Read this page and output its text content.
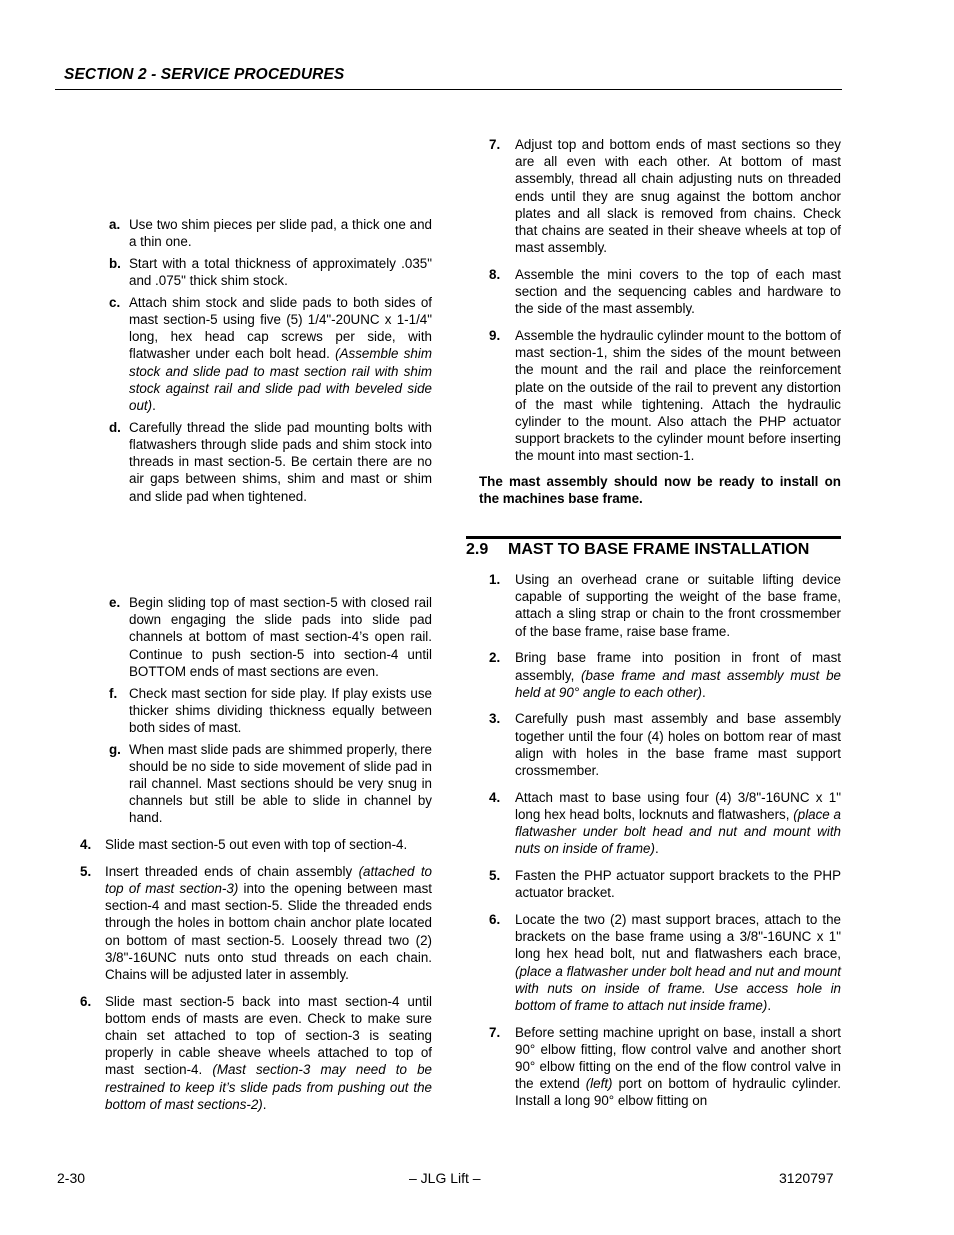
SECTION 2 - SERVICE PROCEDURES
a. Use two shim pieces per slide pad, a thick one and a thin one.
b. Start with a total thickness of approximately .035" and .075" thick shim stock.
c. Attach shim stock and slide pads to both sides of mast section-5 using five (5) 1/4"-20UNC x 1-1/4" long, hex head cap screws per side, with flatwasher under each bolt head. (Assemble shim stock and slide pad to mast section rail with shim stock against rail and slide pad with beveled side out).
d. Carefully thread the slide pad mounting bolts with flatwashers through slide pads and shim stock into threads in mast section-5. Be certain there are no air gaps between shims, shim and mast or shim and slide pad when tightened.
e. Begin sliding top of mast section-5 with closed rail down engaging the slide pads into slide pad channels at bottom of mast section-4’s open rail. Continue to push section-5 into section-4 until BOTTOM ends of mast sections are even.
f. Check mast section for side play. If play exists use thicker shims dividing thickness equally between both sides of mast.
g. When mast slide pads are shimmed properly, there should be no side to side movement of slide pad in rail channel. Mast sections should be very snug in channels but still be able to slide in channel by hand.
4. Slide mast section-5 out even with top of section-4.
5. Insert threaded ends of chain assembly (attached to top of mast section-3) into the opening between mast section-4 and mast section-5. Slide the threaded ends through the holes in bottom chain anchor plate located on bottom of mast section-5. Loosely thread two (2) 3/8"-16UNC nuts onto stud threads on each chain. Chains will be adjusted later in assembly.
6. Slide mast section-5 back into mast section-4 until bottom ends of masts are even. Check to make sure chain set attached to top of section-3 is seating properly in cable sheave wheels attached to top of mast section-4. (Mast section-3 may need to be restrained to keep it’s slide pads from pushing out the bottom of mast sections-2).
7. Adjust top and bottom ends of mast sections so they are all even with each other. At bottom of mast assembly, thread all chain adjusting nuts on threaded ends until they are snug against the bottom anchor plates and all slack is removed from chains. Check that chains are seated in their sheave wheels at top of mast assembly.
8. Assemble the mini covers to the top of each mast section and the sequencing cables and hardware to the side of the mast assembly.
9. Assemble the hydraulic cylinder mount to the bottom of mast section-1, shim the sides of the mount between the mount and the rail and place the reinforcement plate on the outside of the rail to prevent any distortion of the mast while tightening. Attach the hydraulic cylinder to the mount. Also attach the PHP actuator support brackets to the cylinder mount before inserting the mount into mast section-1.
The mast assembly should now be ready to install on the machines base frame.
2.9 MAST TO BASE FRAME INSTALLATION
1. Using an overhead crane or suitable lifting device capable of supporting the weight of the base frame, attach a sling strap or chain to the front crossmember of the base frame, raise base frame.
2. Bring base frame into position in front of mast assembly, (base frame and mast assembly must be held at 90° angle to each other).
3. Carefully push mast assembly and base assembly together until the four (4) holes on bottom rear of mast align with holes in the base frame mast support crossmember.
4. Attach mast to base using four (4) 3/8"-16UNC x 1" long hex head bolts, locknuts and flatwashers, (place a flatwasher under bolt head and nut and mount with nuts on inside of frame).
5. Fasten the PHP actuator support brackets to the PHP actuator bracket.
6. Locate the two (2) mast support braces, attach to the brackets on the base frame using a 3/8"-16UNC x 1" long hex head bolt, nut and flatwashers each brace, (place a flatwasher under bolt head and nut and mount with nuts on inside of frame. Use access hole in bottom of frame to attach nut inside frame).
7. Before setting machine upright on base, install a short 90° elbow fitting, flow control valve and another short 90° elbow fitting on the end of the flow control valve in the extend (left) port on bottom of hydraulic cylinder. Install a long 90° elbow fitting on
2-30	– JLG Lift –	3120797
